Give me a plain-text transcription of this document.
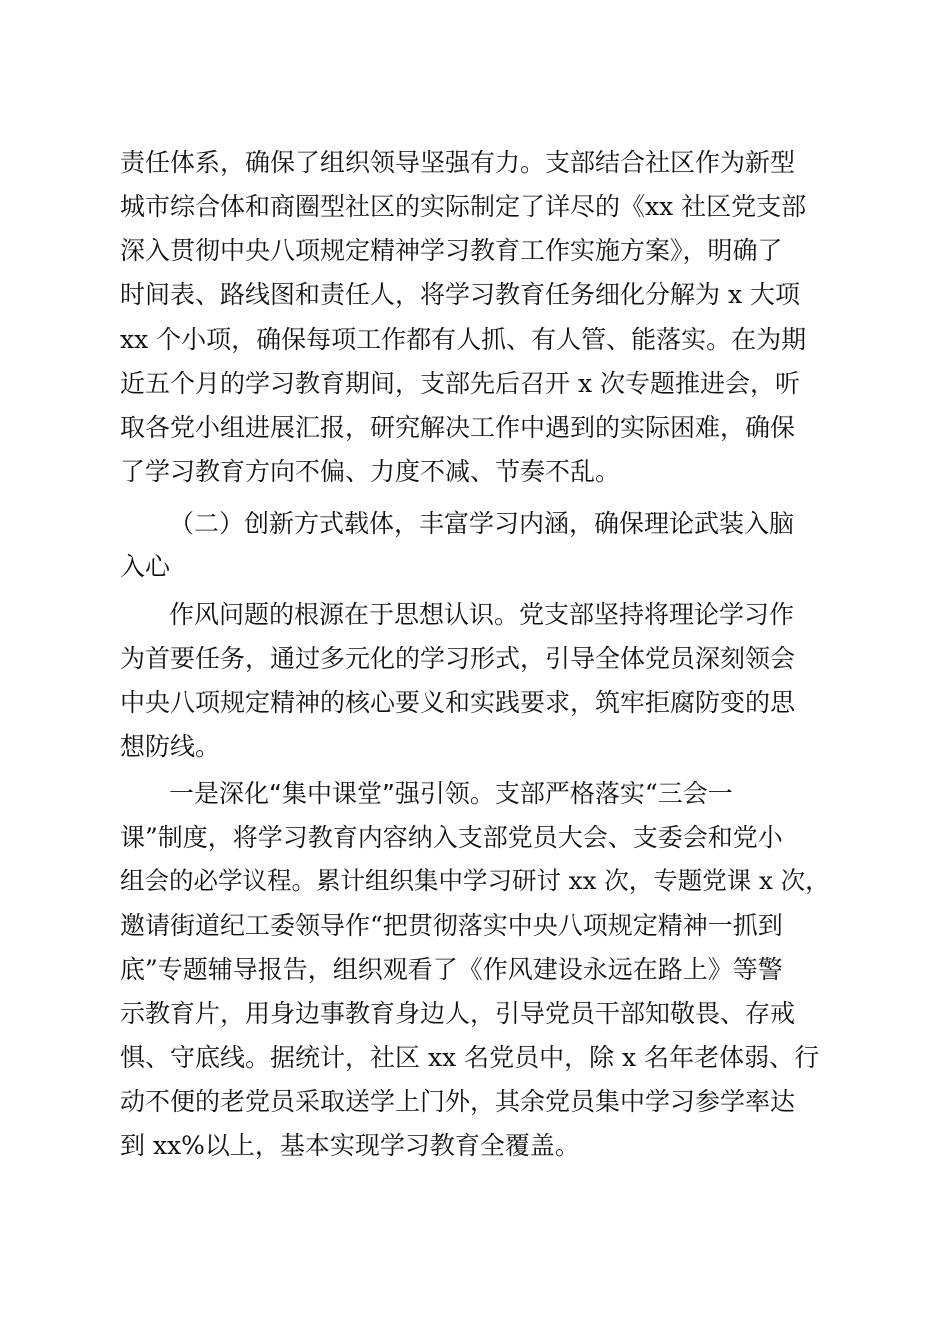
责任体系，确保了组织领导坚强有力。支部结合社区作为新型
城市综合体和商圈型社区的实际制定了详尽的《xx 社区党支部
深入贯彻中央八项规定精神学习教育工作实施方案》，明确了
时间表、路线图和责任人，将学习教育任务细化分解为 x 大项
xx 个小项，确保每项工作都有人抓、有人管、能落实。在为期
近五个月的学习教育期间，支部先后召开 x 次专题推进会，听
取各党小组进展汇报，研究解决工作中遇到的实际困难，确保
了学习教育方向不偏、力度不减、节奏不乱。
（二）创新方式载体，丰富学习内涵，确保理论武装入脑
入心
作风问题的根源在于思想认识。党支部坚持将理论学习作
为首要任务，通过多元化的学习形式，引导全体党员深刻领会
中央八项规定精神的核心要义和实践要求，筑牢拒腐防变的思
想防线。
一是深化“集中课堂”强引领。支部严格落实“三会一
课”制度，将学习教育内容纳入支部党员大会、支委会和党小
组会的必学议程。累计组织集中学习研讨 xx 次，专题党课 x 次，
邀请街道纪工委领导作“把贯彻落实中央八项规定精神一抓到
底”专题辅导报告，组织观看了《作风建设永远在路上》等警
示教育片，用身边事教育身边人，引导党员干部知敬畏、存戒
惧、守底线。据统计，社区 xx 名党员中，除 x 名年老体弱、行
动不便的老党员采取送学上门外，其余党员集中学习参学率达
到 xx%以上，基本实现学习教育全覆盖。
